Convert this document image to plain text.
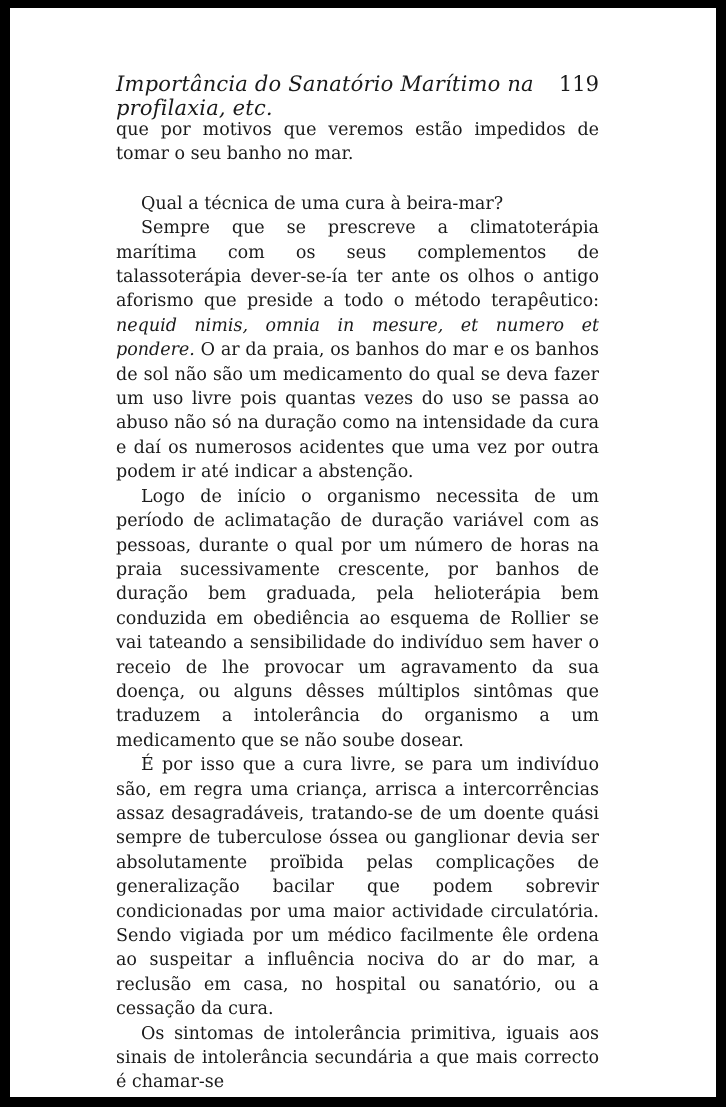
Importância do Sanatório Marítimo na profilaxia, etc.
119

que por motivos que veremos estão impedidos de tomar o seu banho no mar.

Qual a técnica de uma cura à beira-mar?

Sempre que se prescreve a climatoterápia marítima com os seus complementos de talassoterápia dever-se-ía ter ante os olhos o antigo aforismo que preside a todo o método terapêutico: nequid nimis, omnia in mesure, et numero et pondere. O ar da praia, os banhos do mar e os banhos de sol não são um medicamento do qual se deva fazer um uso livre pois quantas vezes do uso se passa ao abuso não só na duração como na intensidade da cura e daí os numerosos acidentes que uma vez por outra podem ir até indicar a abstenção.

Logo de início o organismo necessita de um período de aclimatação de duração variável com as pessoas, durante o qual por um número de horas na praia sucessivamente crescente, por banhos de duração bem graduada, pela helioterápia bem conduzida em obediência ao esquema de Rollier se vai tateando a sensibilidade do indivíduo sem haver o receio de lhe provocar um agravamento da sua doença, ou alguns dêsses múltiplos sintômas que traduzem a intolerância do organismo a um medicamento que se não soube dosear.

É por isso que a cura livre, se para um indivíduo são, em regra uma criança, arrisca a intercorrências assaz desagradáveis, tratando-se de um doente quási sempre de tuberculose óssea ou ganglionar devia ser absolutamente proïbida pelas complicações de generalização bacilar que podem sobrevir condicionadas por uma maior actividade circulatória. Sendo vigiada por um médico facilmente êle ordena ao suspeitar a influência nociva do ar do mar, a reclusão em casa, no hospital ou sanatório, ou a cessação da cura.

Os sintomas de intolerância primitiva, iguais aos sinais de intolerância secundária a que mais correcto é chamar-se
